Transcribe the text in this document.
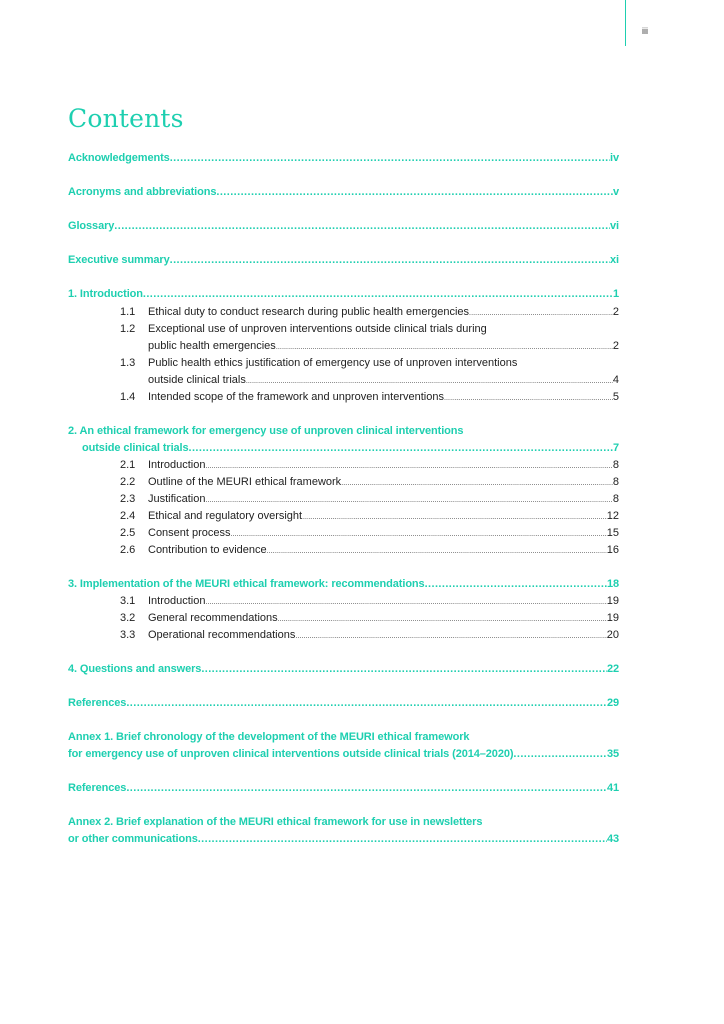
iii
Contents
Acknowledgements .....	iv
Acronyms and abbreviations .....	v
Glossary .....	vi
Executive summary .....	xi
1. Introduction .....	1
1.1 Ethical duty to conduct research during public health emergencies .....	2
1.2 Exceptional use of unproven interventions outside clinical trials during
public health emergencies .....	2
1.3 Public health ethics justification of emergency use of unproven interventions
outside clinical trials .....	4
1.4 Intended scope of the framework and unproven interventions .....	5
2. An ethical framework for emergency use of unproven clinical interventions
outside clinical trials .....	7
2.1 Introduction .....	8
2.2 Outline of the MEURI ethical framework .....	8
2.3 Justification .....	8
2.4 Ethical and regulatory oversight .....	12
2.5 Consent process .....	15
2.6 Contribution to evidence .....	16
3. Implementation of the MEURI ethical framework: recommendations .....	18
3.1 Introduction .....	19
3.2 General recommendations .....	19
3.3 Operational recommendations .....	20
4. Questions and answers .....	22
References .....	29
Annex 1. Brief chronology of the development of the MEURI ethical framework
for emergency use of unproven clinical interventions outside clinical trials (2014–2020) .....	35
References .....	41
Annex 2. Brief explanation of the MEURI ethical framework for use in newsletters
or other communications .....	43
